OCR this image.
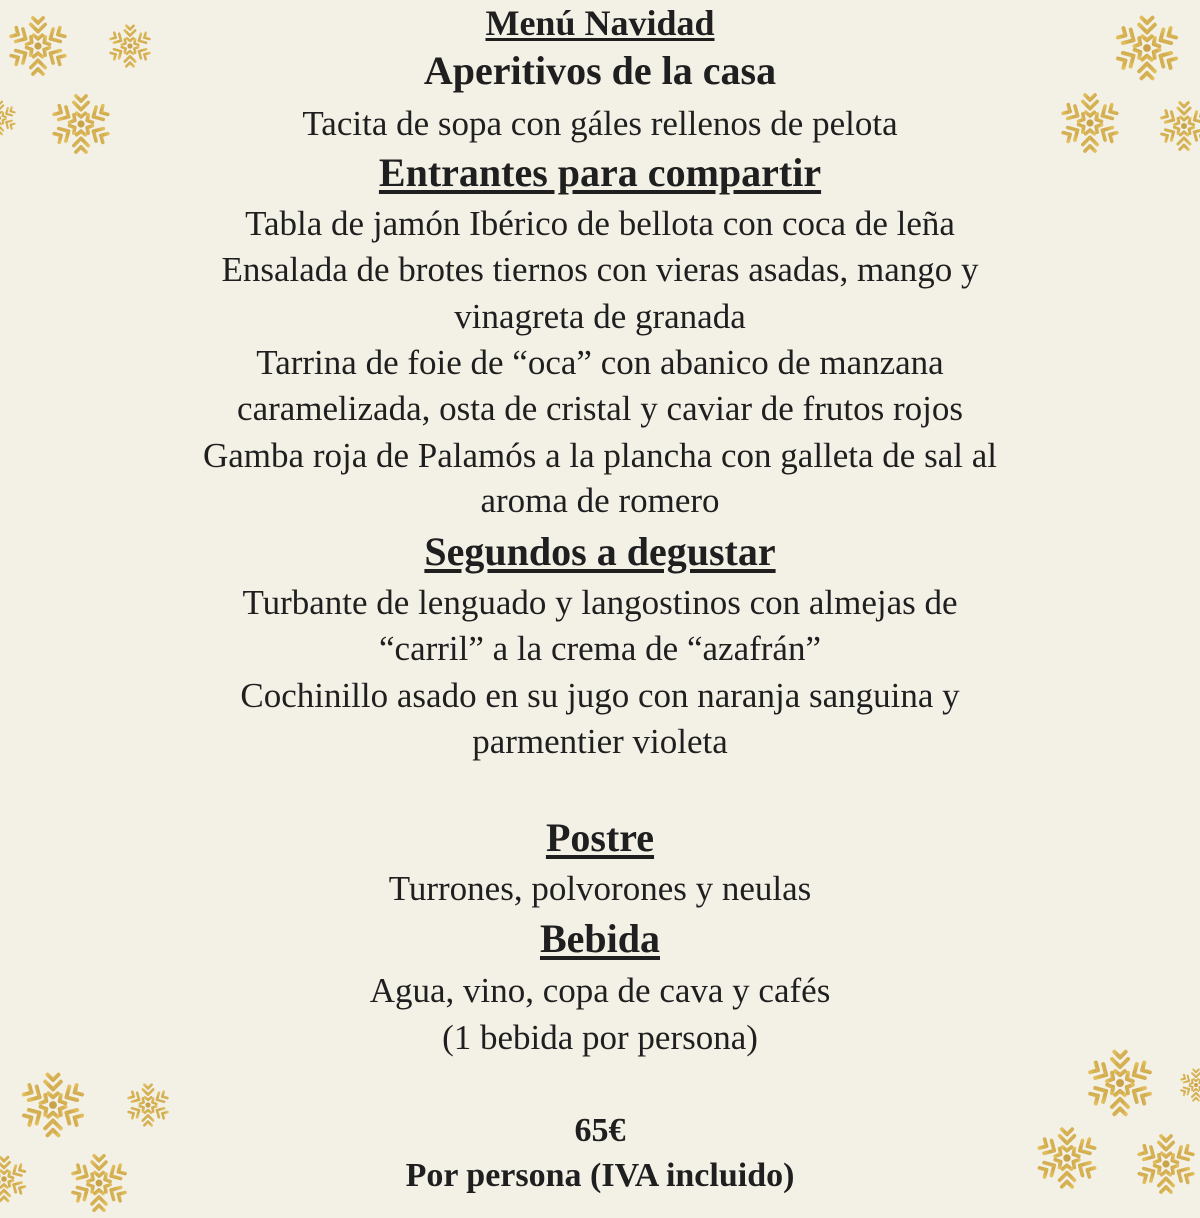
Menú Navidad
Aperitivos de la casa
Tacita de sopa con gáles rellenos de pelota
Entrantes para compartir
Tabla de jamón Ibérico de bellota con coca de leña
Ensalada de brotes tiernos con vieras asadas, mango y
vinagreta de granada
Tarrina de foie de “oca” con abanico de manzana
caramelizada, osta de cristal y caviar de frutos rojos
Gamba roja de Palamós a la plancha con galleta de sal al
aroma de romero
Segundos a degustar
Turbante de lenguado y langostinos con almejas de
“carril” a la crema de “azafrán”
Cochinillo asado en su jugo con naranja sanguina y
parmentier violeta
Postre
Turrones, polvorones y neulas
Bebida
Agua, vino, copa de cava y cafés
(1 bebida por persona)
65€
Por persona (IVA incluido)
